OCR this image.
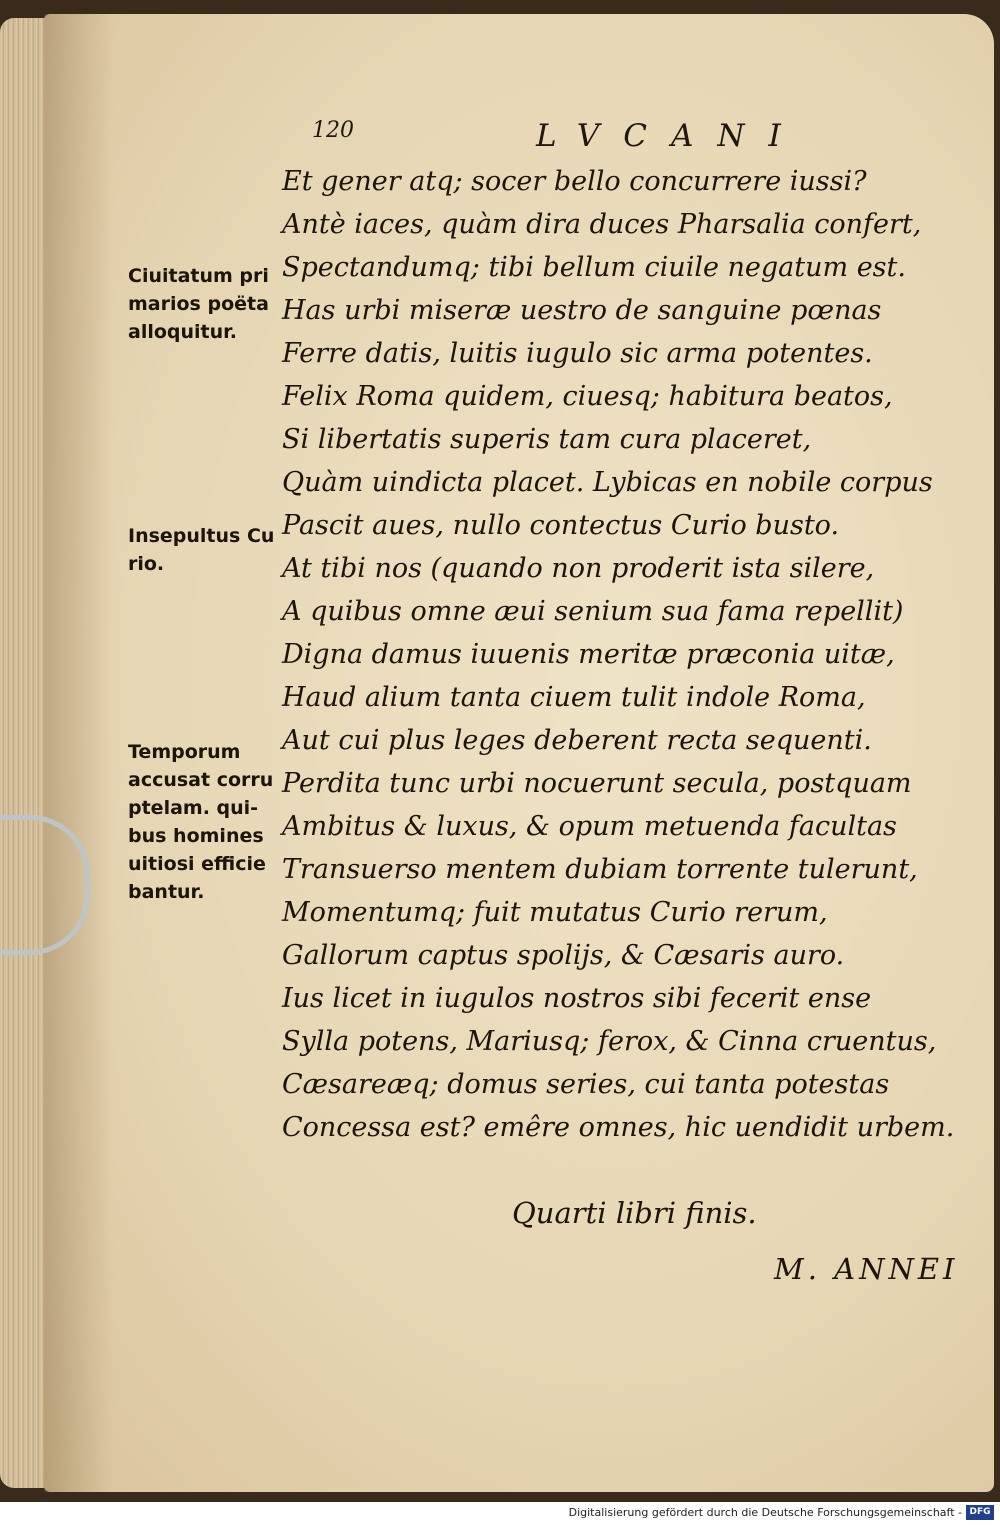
120	LVCANI
Et gener atq; socer bello concurrere iussi?
Antè iaces, quàm dira duces Pharsalia confert,
Spectandumq; tibi bellum ciuile negatum est.
Has urbi miseræ uestro de sanguine pœnas
Ferre datis, luitis iugulo sic arma potentes.
Felix Roma quidem, ciuesq; habitura beatos,
Si libertatis superis tam cura placeret,
Quàm uindicta placet. Lybicas en nobile corpus
Pascit aues, nullo contectus Curio busto.
At tibi nos (quando non proderit ista silere,
A quibus omne æui senium sua fama repellit)
Digna damus iuuenis meritæ præconia uitæ,
Haud alium tanta ciuem tulit indole Roma,
Aut cui plus leges deberent recta sequenti.
Perdita tunc urbi nocuerunt secula, postquam
Ambitus & luxus, & opum metuenda facultas
Transuerso mentem dubiam torrente tulerunt,
Momentumq; fuit mutatus Curio rerum,
Gallorum captus spolijs, & Cæsaris auro.
Ius licet in iugulos nostros sibi fecerit ense
Sylla potens, Mariusq; ferox, & Cinna cruentus,
Cæsareæq; domus series, cui tanta potestas
Concessa est? emêre omnes, hic uendidit urbem.
Ciuitatum pri
marios poëta
alloquitur.
Insepultus Cu
rio.
Temporum
accusat corru
ptelam. qui-
bus homines
uitiosi efficie
bantur.
Quarti libri finis.
M. ANNEI
Digitalisierung gefördert durch die Deutsche Forschungsgemeinschaft - DFG
